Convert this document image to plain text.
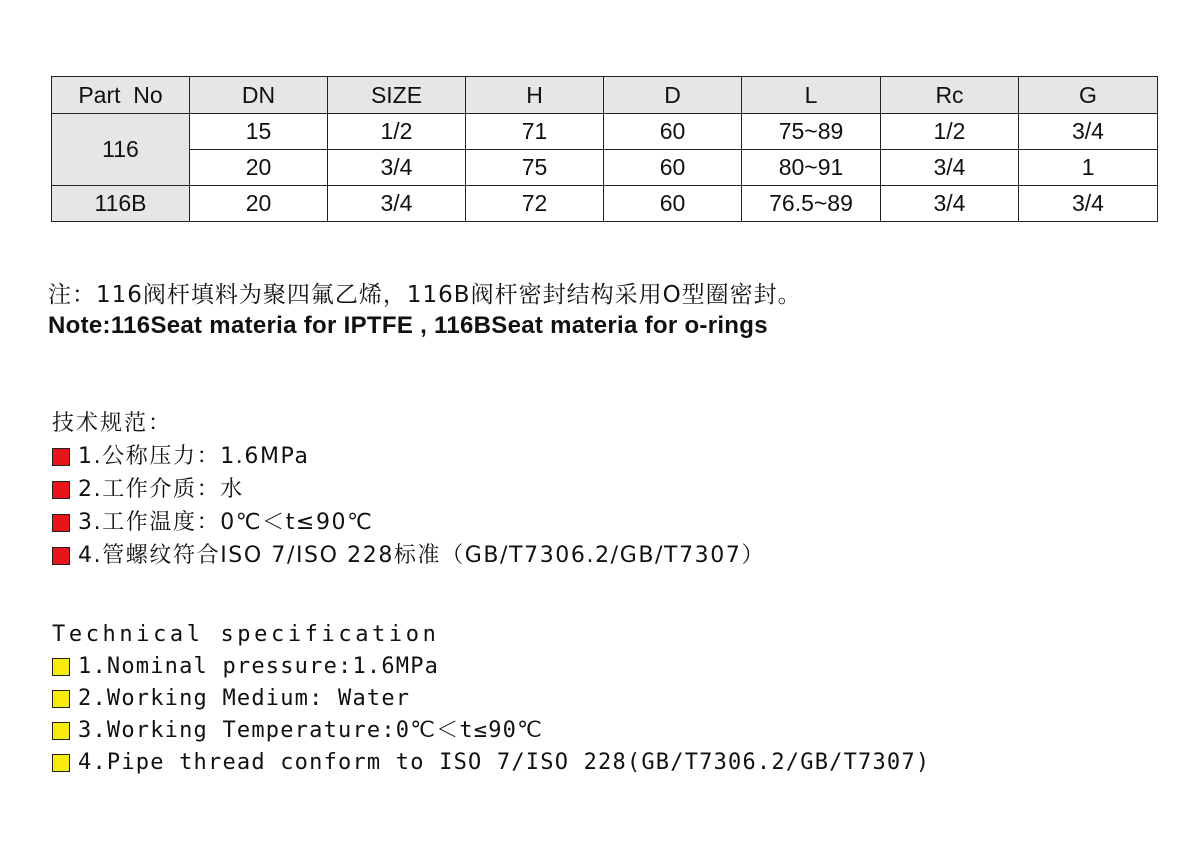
Part  No	DN	SIZE	H	D	L	Rc	G
116	15	1/2	71	60	75~89	1/2	3/4
	20	3/4	75	60	80~91	3/4	1
116B	20	3/4	72	60	76.5~89	3/4	3/4
注：116阀杆填料为聚四氟乙烯，116B阀杆密封结构采用O型圈密封。
Note:116Seat materia for IPTFE , 116BSeat materia for o-rings
技术规范：
1.公称压力：1.6MPa
2.工作介质：水
3.工作温度：0℃＜t≤90℃
4.管螺纹符合ISO 7/ISO 228标准（GB/T7306.2/GB/T7307）
Technical specification
1.Nominal pressure:1.6MPa
2.Working Medium: Water
3.Working Temperature:0℃＜t≤90℃
4.Pipe thread conform to ISO 7/ISO 228(GB/T7306.2/GB/T7307)
